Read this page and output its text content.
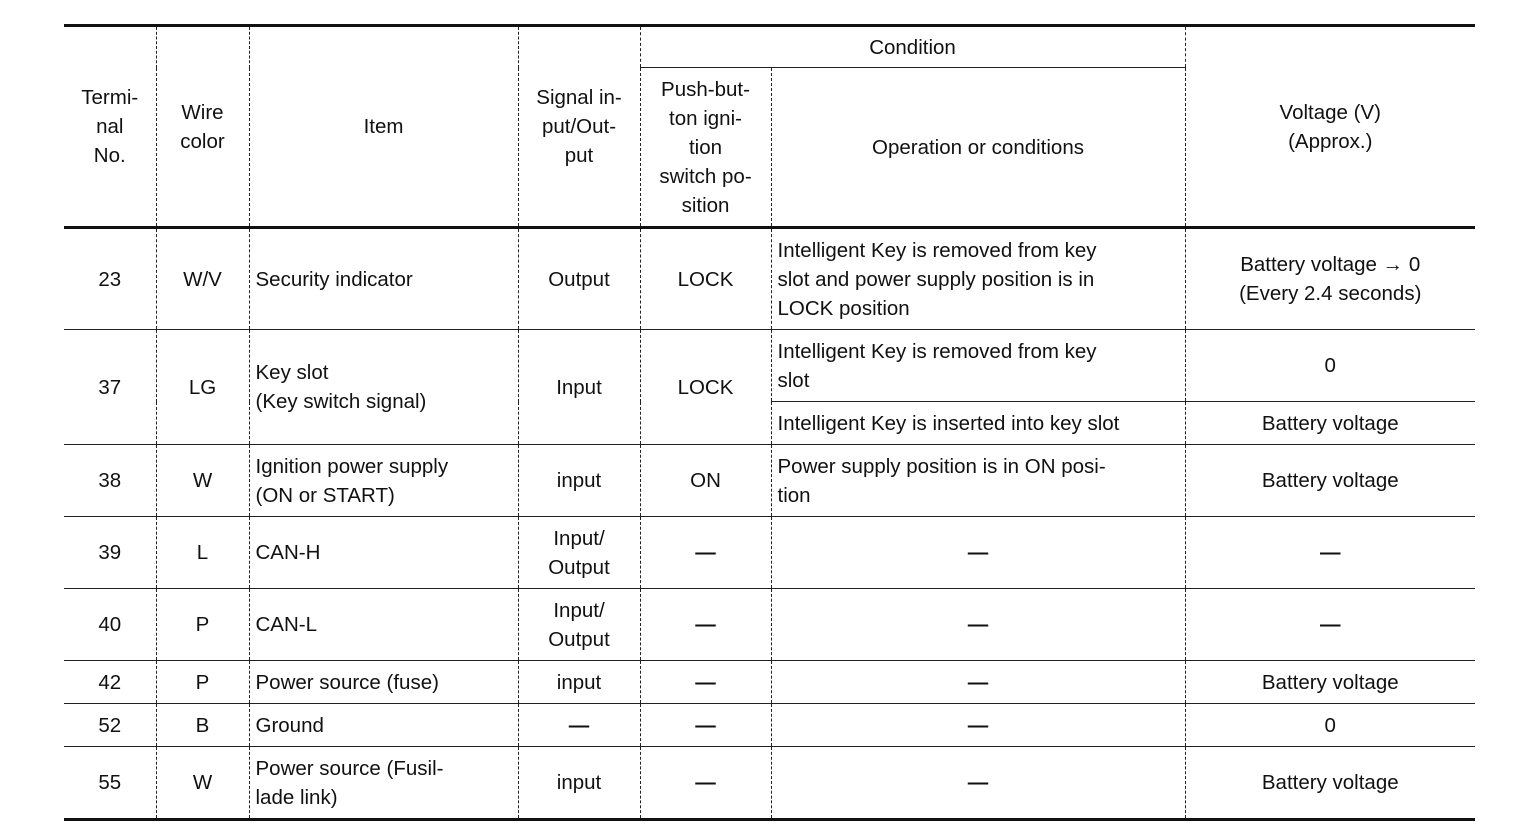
Termi-
nal
No.	Wire
color	Item	Signal in-
put/Out-
put	Condition		Voltage (V)
(Approx.)
				Push-but-
ton igni-
tion
switch po-
sition	Operation or conditions	
23	W/V	Security indicator	Output	LOCK	Intelligent Key is removed from key
slot and power supply position is in
LOCK position	Battery voltage → 0
(Every 2.4 seconds)
37	LG	Key slot
(Key switch signal)	Input	LOCK	Intelligent Key is removed from key
slot	0
					Intelligent Key is inserted into key slot	Battery voltage
38	W	Ignition power supply
(ON or START)	input	ON	Power supply position is in ON posi-
tion	Battery voltage
39	L	CAN-H	Input/
Output	—	—	—
40	P	CAN-L	Input/
Output	—	—	—
42	P	Power source (fuse)	input	—	—	Battery voltage
52	B	Ground	—	—	—	0
55	W	Power source (Fusil-
lade link)	input	—	—	Battery voltage
